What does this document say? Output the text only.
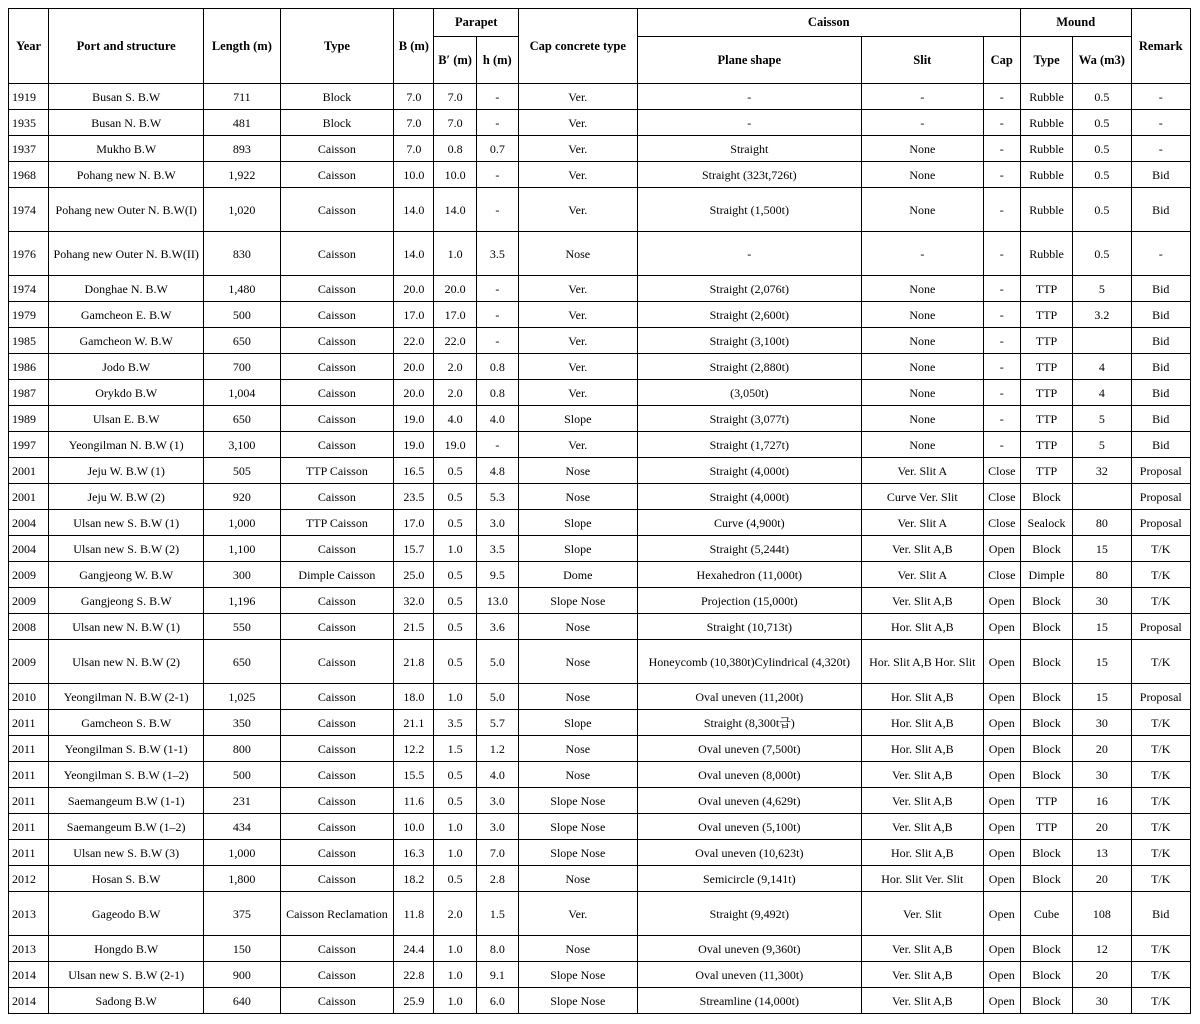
Year	Port and structure	Length (m)	Type	B (m)	Parapet		Cap concrete type	Caisson			Mound		Remark
					B′ (m)	h (m)		Plane shape	Slit	Cap	Type	Wa (m3)	
1919	Busan S. B.W	711	Block	7.0	7.0	-	Ver.	-	-	-	Rubble	0.5	-
1935	Busan N. B.W	481	Block	7.0	7.0	-	Ver.	-	-	-	Rubble	0.5	-
1937	Mukho B.W	893	Caisson	7.0	0.8	0.7	Ver.	Straight	None	-	Rubble	0.5	-
1968	Pohang new N. B.W	1,922	Caisson	10.0	10.0	-	Ver.	Straight (323t,726t)	None	-	Rubble	0.5	Bid
1974	Pohang new Outer N. B.W(I)	1,020	Caisson	14.0	14.0	-	Ver.	Straight (1,500t)	None	-	Rubble	0.5	Bid
1976	Pohang new Outer N. B.W(II)	830	Caisson	14.0	1.0	3.5	Nose	-	-	-	Rubble	0.5	-
1974	Donghae N. B.W	1,480	Caisson	20.0	20.0	-	Ver.	Straight (2,076t)	None	-	TTP	5	Bid
1979	Gamcheon E. B.W	500	Caisson	17.0	17.0	-	Ver.	Straight (2,600t)	None	-	TTP	3.2	Bid
1985	Gamcheon W. B.W	650	Caisson	22.0	22.0	-	Ver.	Straight (3,100t)	None	-	TTP		Bid
1986	Jodo B.W	700	Caisson	20.0	2.0	0.8	Ver.	Straight (2,880t)	None	-	TTP	4	Bid
1987	Orykdo B.W	1,004	Caisson	20.0	2.0	0.8	Ver.	(3,050t)	None	-	TTP	4	Bid
1989	Ulsan E. B.W	650	Caisson	19.0	4.0	4.0	Slope	Straight (3,077t)	None	-	TTP	5	Bid
1997	Yeongilman N. B.W (1)	3,100	Caisson	19.0	19.0	-	Ver.	Straight (1,727t)	None	-	TTP	5	Bid
2001	Jeju W. B.W (1)	505	TTP Caisson	16.5	0.5	4.8	Nose	Straight (4,000t)	Ver. Slit A	Close	TTP	32	Proposal
2001	Jeju W. B.W (2)	920	Caisson	23.5	0.5	5.3	Nose	Straight (4,000t)	Curve Ver. Slit	Close	Block		Proposal
2004	Ulsan new S. B.W (1)	1,000	TTP Caisson	17.0	0.5	3.0	Slope	Curve (4,900t)	Ver. Slit A	Close	Sealock	80	Proposal
2004	Ulsan new S. B.W (2)	1,100	Caisson	15.7	1.0	3.5	Slope	Straight (5,244t)	Ver. Slit A,B	Open	Block	15	T/K
2009	Gangjeong W. B.W	300	Dimple Caisson	25.0	0.5	9.5	Dome	Hexahedron (11,000t)	Ver. Slit A	Close	Dimple	80	T/K
2009	Gangjeong S. B.W	1,196	Caisson	32.0	0.5	13.0	Slope Nose	Projection (15,000t)	Ver. Slit A,B	Open	Block	30	T/K
2008	Ulsan new N. B.W (1)	550	Caisson	21.5	0.5	3.6	Nose	Straight (10,713t)	Hor. Slit A,B	Open	Block	15	Proposal
2009	Ulsan new N. B.W (2)	650	Caisson	21.8	0.5	5.0	Nose	Honeycomb (10,380t)Cylindrical (4,320t)	Hor. Slit A,B Hor. Slit	Open	Block	15	T/K
2010	Yeongilman N. B.W (2-1)	1,025	Caisson	18.0	1.0	5.0	Nose	Oval uneven (11,200t)	Hor. Slit A,B	Open	Block	15	Proposal
2011	Gamcheon S. B.W	350	Caisson	21.1	3.5	5.7	Slope	Straight (8,300t급)	Hor. Slit A,B	Open	Block	30	T/K
2011	Yeongilman S. B.W (1-1)	800	Caisson	12.2	1.5	1.2	Nose	Oval uneven (7,500t)	Hor. Slit A,B	Open	Block	20	T/K
2011	Yeongilman S. B.W (1–2)	500	Caisson	15.5	0.5	4.0	Nose	Oval uneven (8,000t)	Ver. Slit A,B	Open	Block	30	T/K
2011	Saemangeum B.W (1-1)	231	Caisson	11.6	0.5	3.0	Slope Nose	Oval uneven (4,629t)	Ver. Slit A,B	Open	TTP	16	T/K
2011	Saemangeum B.W (1–2)	434	Caisson	10.0	1.0	3.0	Slope Nose	Oval uneven (5,100t)	Ver. Slit A,B	Open	TTP	20	T/K
2011	Ulsan new S. B.W (3)	1,000	Caisson	16.3	1.0	7.0	Slope Nose	Oval uneven (10,623t)	Hor. Slit A,B	Open	Block	13	T/K
2012	Hosan S. B.W	1,800	Caisson	18.2	0.5	2.8	Nose	Semicircle (9,141t)	Hor. Slit Ver. Slit	Open	Block	20	T/K
2013	Gageodo B.W	375	Caisson Reclamation	11.8	2.0	1.5	Ver.	Straight (9,492t)	Ver. Slit	Open	Cube	108	Bid
2013	Hongdo B.W	150	Caisson	24.4	1.0	8.0	Nose	Oval uneven (9,360t)	Ver. Slit A,B	Open	Block	12	T/K
2014	Ulsan new S. B.W (2-1)	900	Caisson	22.8	1.0	9.1	Slope Nose	Oval uneven (11,300t)	Ver. Slit A,B	Open	Block	20	T/K
2014	Sadong B.W	640	Caisson	25.9	1.0	6.0	Slope Nose	Streamline (14,000t)	Ver. Slit A,B	Open	Block	30	T/K
